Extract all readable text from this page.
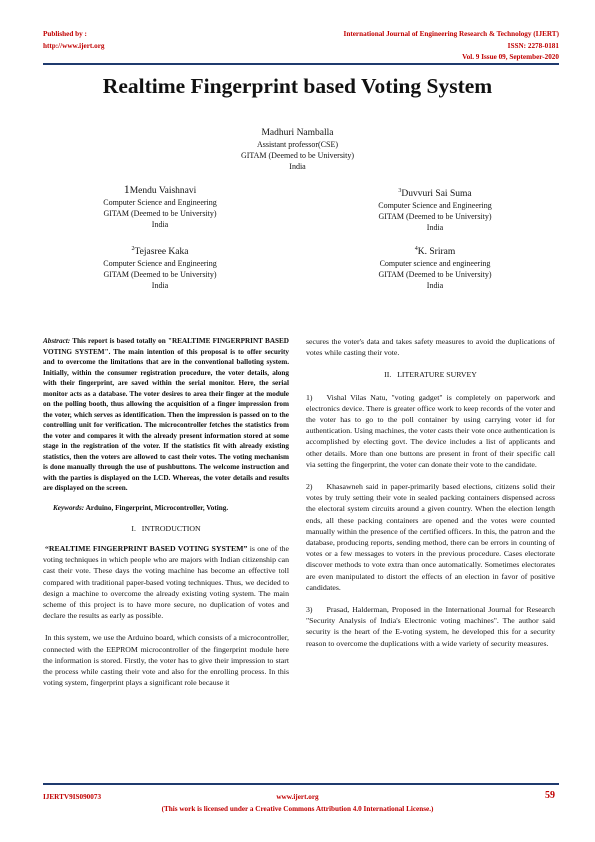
Published by :
http://www.ijert.org
International Journal of Engineering Research & Technology (IJERT)
ISSN: 2278-0181
Vol. 9 Issue 09, September-2020
Realtime Fingerprint based Voting System
Madhuri Namballa
Assistant professor(CSE)
GITAM (Deemed to be University)
India
1Mendu Vaishnavi
Computer Science and Engineering
GITAM (Deemed to be University)
India
$^3$Duvvuri Sai Suma
Computer Science and Engineering
GITAM (Deemed to be University)
India
$^2$Tejasree Kaka
Computer Science and Engineering
GITAM (Deemed to be University)
India
$^4$K. Sriram
Computer science and engineering
GITAM (Deemed to be University)
India

Abstract: This report is based totally on "REALTIME FINGERPRINT BASED VOTING SYSTEM". The main intention of this proposal is to offer security and to overcome the limitations that are in the conventional balloting system. Initially, within the consumer registration procedure, the voter details, along with their fingerprint, are saved within the serial monitor. Here, the serial monitor acts as a database. The voter desires to area their finger at the module on the polling booth, thus allowing the acquisition of a finger impression from the voter, which serves as identification. Then the impression is passed on to the controlling unit for verification. The microcontroller fetches the statistics from the voter and compares it with the already present information stored at some stage in the registration of the voter. If the statistics fit with already existing statistics, then the voters are allowed to cast their votes. The voting mechanism is done manually through the use of pushbuttons. The welcome instruction and with the parties is displayed on the LCD. Whereas, the voter details and results are displayed on the screen.

Keywords: Arduino, Fingerprint, Microcontroller, Voting.

I.   INTRODUCTION

“REALTIME FINGERPRINT BASED VOTING SYSTEM” is one of the voting techniques in which people who are majors with Indian citizenship can cast their vote. These days the voting machine has become an effective toll compared with traditional paper-based voting techniques. Thus, we decided to design a machine to overcome the already existing voting system. The main scheme of this project is to have more secure, no duplication of votes and declare the results as early as possible.

In this system, we use the Arduino board, which consists of a microcontroller, connected with the EEPROM microcontroller of the fingerprint module here the information is stored. Firstly, the voter has to give their impression to start the process while casting their vote and also for the enrolling process. In this voting system, fingerprint plays a significant role because it

secures the voter's data and takes safety measures to avoid the duplications of votes while casting their vote.

II.   LITERATURE SURVEY

1) Vishal Vilas Natu, "voting gadget" is completely on paperwork and electronics device. There is greater office work to keep records of the voter and the voter has to go to the poll container by using carrying voter id for authentication. Using machines, the voter casts their vote once authentication is accomplished by electing govt. The device includes a list of applicants and other details. More than one buttons are present in front of their specific call via setting the fingerprint, the voter can donate their vote to the candidate.

2) Khasawneh said in paper-primarily based elections, citizens solid their votes by truly setting their vote in sealed packing containers dispensed across the electoral system circuits around a given country. When the election length ends, all these packing containers are opened and the votes were counted manually within the presence of the certified officers. In this, the patron and the database, producing reports, sending method, there can be errors in counting of votes or a few messages to voters in the previous procedure. Cases electorate discover methods to vote extra than once automatically. Sometimes electorates are even manipulated to distort the effects of an election in favor of positive candidates.

3) Prasad, Halderman, Proposed in the International Journal for Research "Security Analysis of India's Electronic voting machines". The author said security is the heart of the E-voting system, he developed this for a security reason to overcome the duplications with a wide variety of security measures.

IJERTV9IS090073	www.ijert.org	59
(This work is licensed under a Creative Commons Attribution 4.0 International License.)
